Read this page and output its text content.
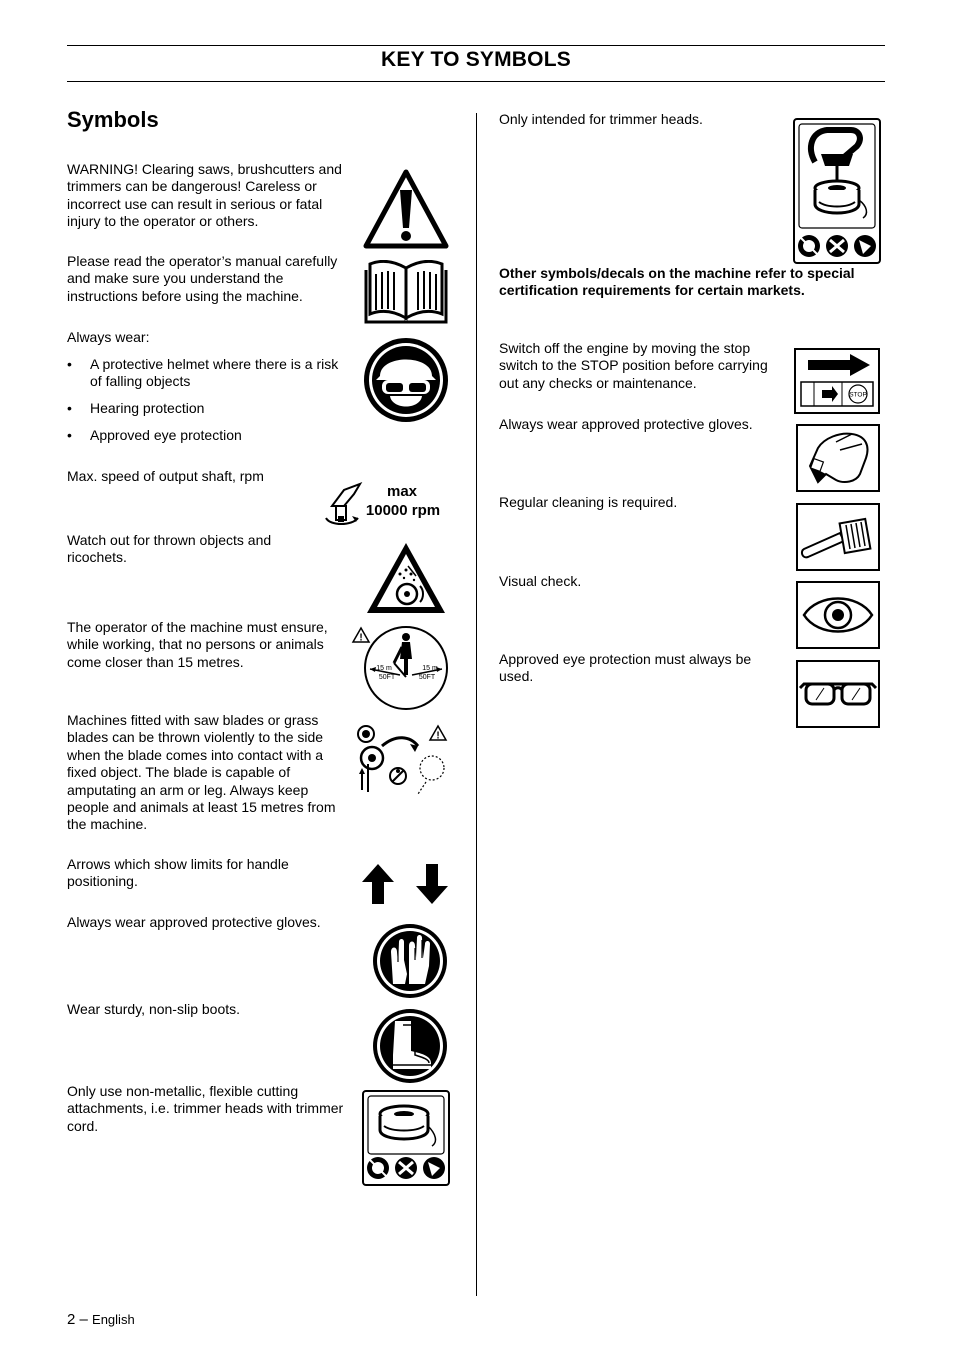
KEY TO SYMBOLS
Symbols
WARNING! Clearing saws, brushcutters and trimmers can be dangerous! Careless or incorrect use can result in serious or fatal injury to the operator or others.
Please read the operator’s manual carefully and make sure you understand the instructions before using the machine.
Always wear:
• A protective helmet where there is a risk of falling objects
• Hearing protection
• Approved eye protection
Max. speed of output shaft, rpm
Watch out for thrown objects and ricochets.
The operator of the machine must ensure, while working, that no persons or animals come closer than 15 metres.
Machines fitted with saw blades or grass blades can be thrown violently to the side when the blade comes into contact with a fixed object. The blade is capable of amputating an arm or leg. Always keep people and animals at least 15 metres from the machine.
Arrows which show limits for handle positioning.
Always wear approved protective gloves.
Wear sturdy, non-slip boots.
Only use non-metallic, flexible cutting attachments, i.e. trimmer heads with trimmer cord.
Only intended for trimmer heads.
Other symbols/decals on the machine refer to special certification requirements for certain markets.
Switch off the engine by moving the stop switch to the STOP position before carrying out any checks or maintenance.
Always wear approved protective gloves.
Regular cleaning is required.
Visual check.
Approved eye protection must always be used.
max
10000 rpm
!
15 m
50FT
15 m
50FT
!
STOP
2 – English
